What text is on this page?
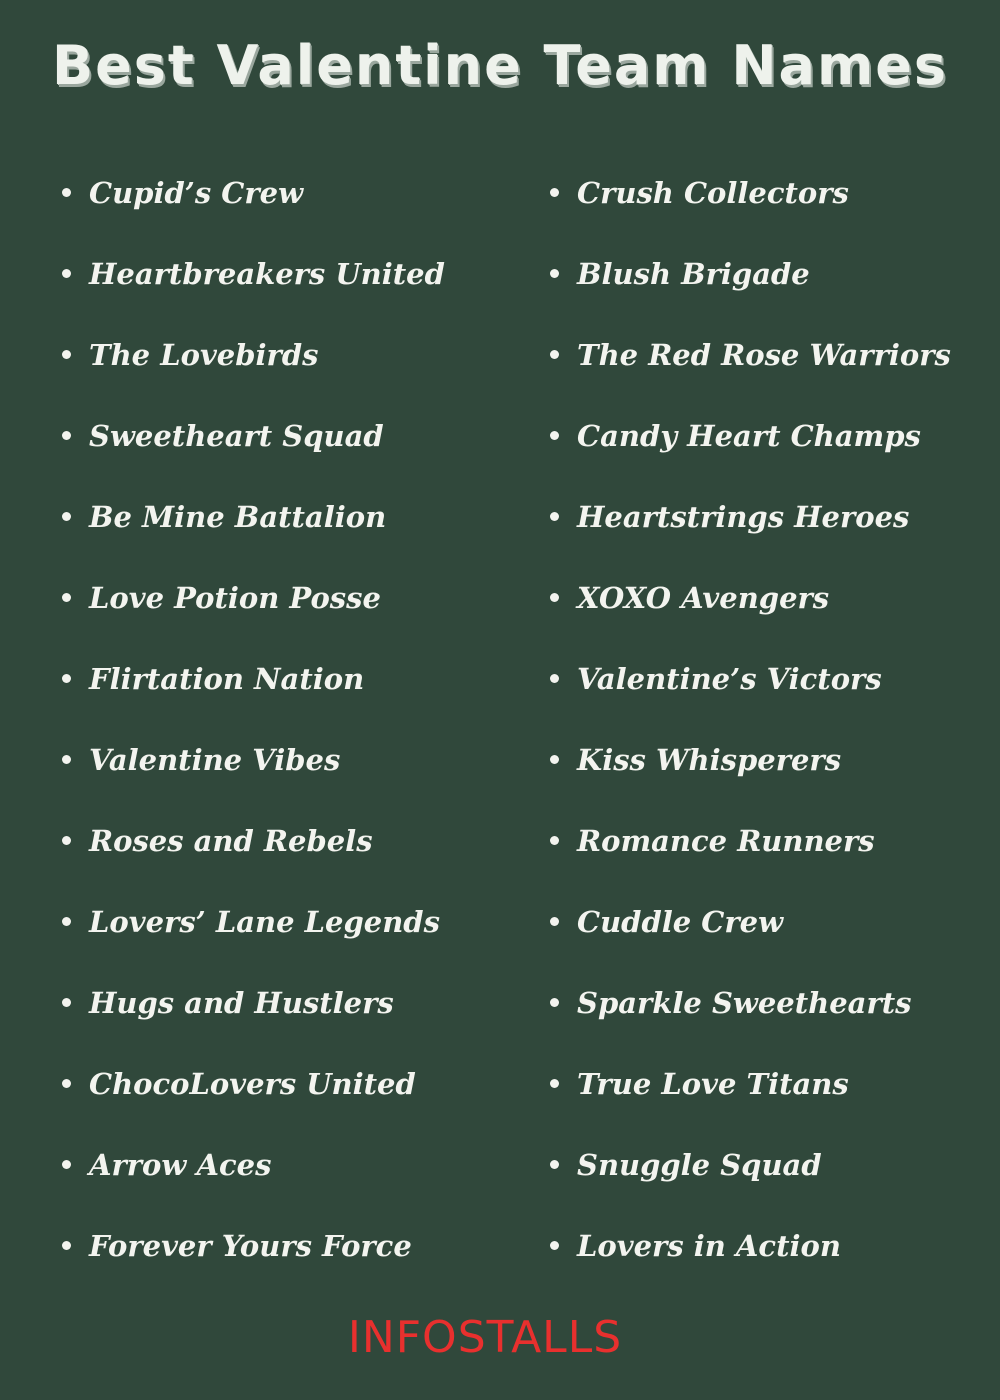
Best Valentine Team Names
Cupid’s Crew
Heartbreakers United
The Lovebirds
Sweetheart Squad
Be Mine Battalion
Love Potion Posse
Flirtation Nation
Valentine Vibes
Roses and Rebels
Lovers’ Lane Legends
Hugs and Hustlers
ChocoLovers United
Arrow Aces
Forever Yours Force
Crush Collectors
Blush Brigade
The Red Rose Warriors
Candy Heart Champs
Heartstrings Heroes
XOXO Avengers
Valentine’s Victors
Kiss Whisperers
Romance Runners
Cuddle Crew
Sparkle Sweethearts
True Love Titans
Snuggle Squad
Lovers in Action
INFOSTALLS
